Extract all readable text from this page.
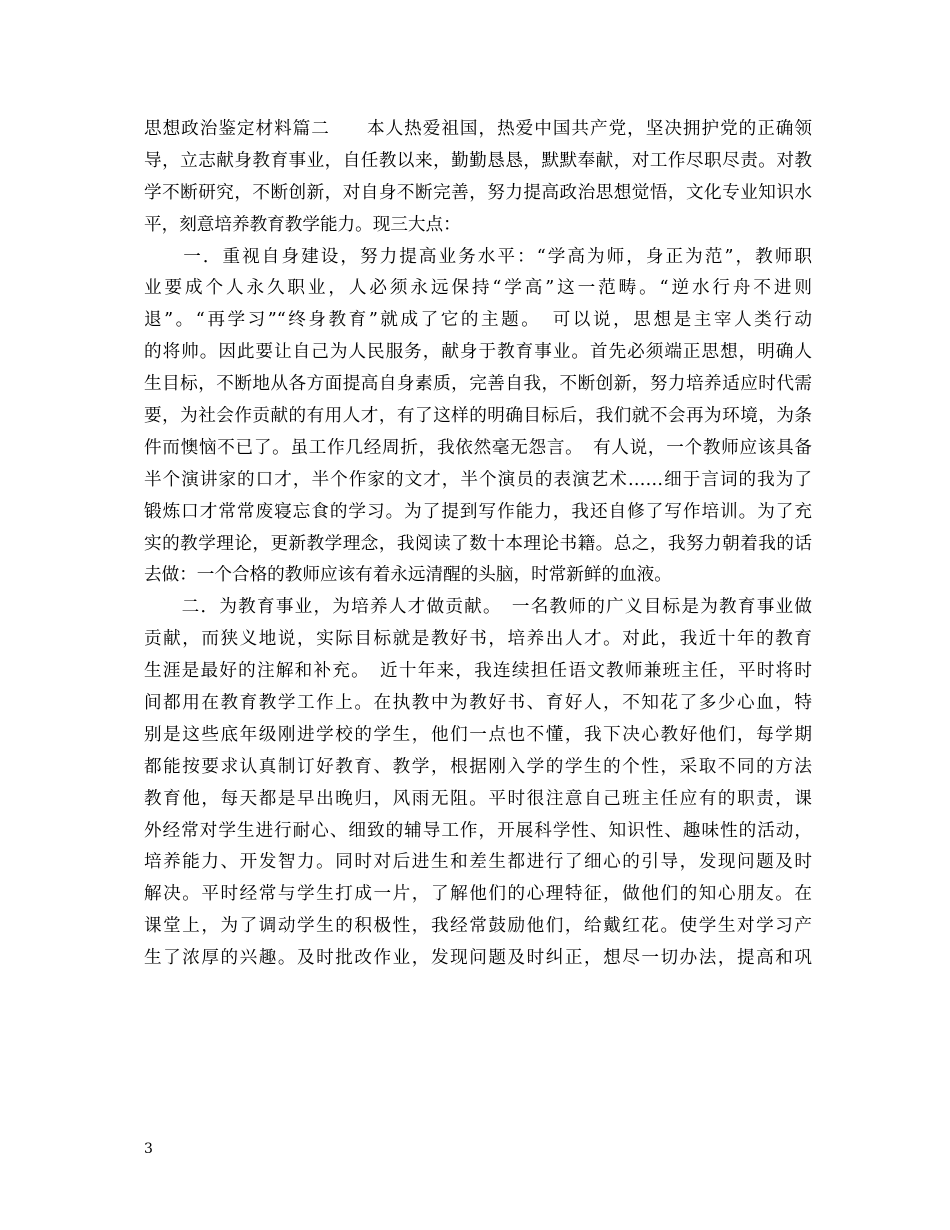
思想政治鉴定材料篇二　　本人热爱祖国，热爱中国共产党，坚决拥护党的正确领
导，立志献身教育事业，自任教以来，勤勤恳恳，默默奉献，对工作尽职尽责。对教
学不断研究，不断创新，对自身不断完善，努力提高政治思想觉悟，文化专业知识水
平，刻意培养教育教学能力。现三大点：
　　一．重视自身建设，努力提高业务水平：“学高为师，身正为范”，教师职
业要成个人永久职业，人必须永远保持“学高”这一范畴。“逆水行舟不进则
退”。“再学习”“终身教育”就成了它的主题。　可以说，思想是主宰人类行动
的将帅。因此要让自己为人民服务，献身于教育事业。首先必须端正思想，明确人
生目标，不断地从各方面提高自身素质，完善自我，不断创新，努力培养适应时代需
要，为社会作贡献的有用人才，有了这样的明确目标后，我们就不会再为环境，为条
件而懊恼不已了。虽工作几经周折，我依然毫无怨言。　有人说，一个教师应该具备
半个演讲家的口才，半个作家的文才，半个演员的表演艺术……细于言词的我为了
锻炼口才常常废寝忘食的学习。为了提到写作能力，我还自修了写作培训。为了充
实的教学理论，更新教学理念，我阅读了数十本理论书籍。总之，我努力朝着我的话
去做：一个合格的教师应该有着永远清醒的头脑，时常新鲜的血液。
　　二．为教育事业，为培养人才做贡献。　一名教师的广义目标是为教育事业做
贡献，而狭义地说，实际目标就是教好书，培养出人才。对此，我近十年的教育
生涯是最好的注解和补充。　近十年来，我连续担任语文教师兼班主任，平时将时
间都用在教育教学工作上。在执教中为教好书、育好人，不知花了多少心血，特
别是这些底年级刚进学校的学生，他们一点也不懂，我下决心教好他们，每学期
都能按要求认真制订好教育、教学，根据刚入学的学生的个性，采取不同的方法
教育他，每天都是早出晚归，风雨无阻。平时很注意自己班主任应有的职责，课
外经常对学生进行耐心、细致的辅导工作，开展科学性、知识性、趣味性的活动，
培养能力、开发智力。同时对后进生和差生都进行了细心的引导，发现问题及时
解决。平时经常与学生打成一片，了解他们的心理特征，做他们的知心朋友。在
课堂上，为了调动学生的积极性，我经常鼓励他们，给戴红花。使学生对学习产
生了浓厚的兴趣。及时批改作业，发现问题及时纠正，想尽一切办法，提高和巩
3
